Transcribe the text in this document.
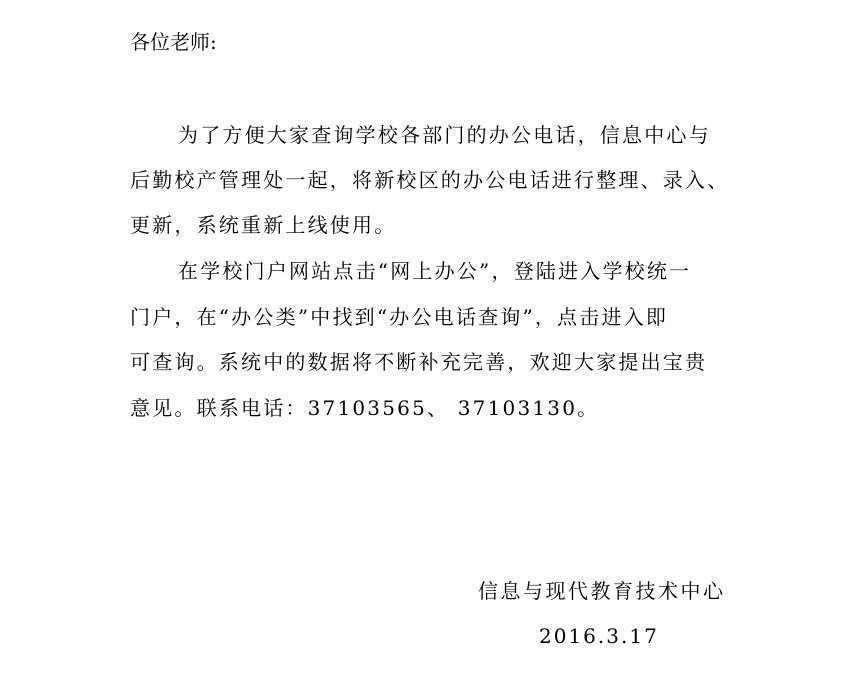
各位老师:
为了方便大家查询学校各部门的办公电话，信息中心与
后勤校产管理处一起，将新校区的办公电话进行整理、录入、
更新，系统重新上线使用。
在学校门户网站点击“网上办公”，登陆进入学校统一
门户，在“办公类”中找到“办公电话查询”，点击进入即
可查询。系统中的数据将不断补充完善，欢迎大家提出宝贵
意见。联系电话：37103565、 37103130。
信息与现代教育技术中心
2016.3.17
